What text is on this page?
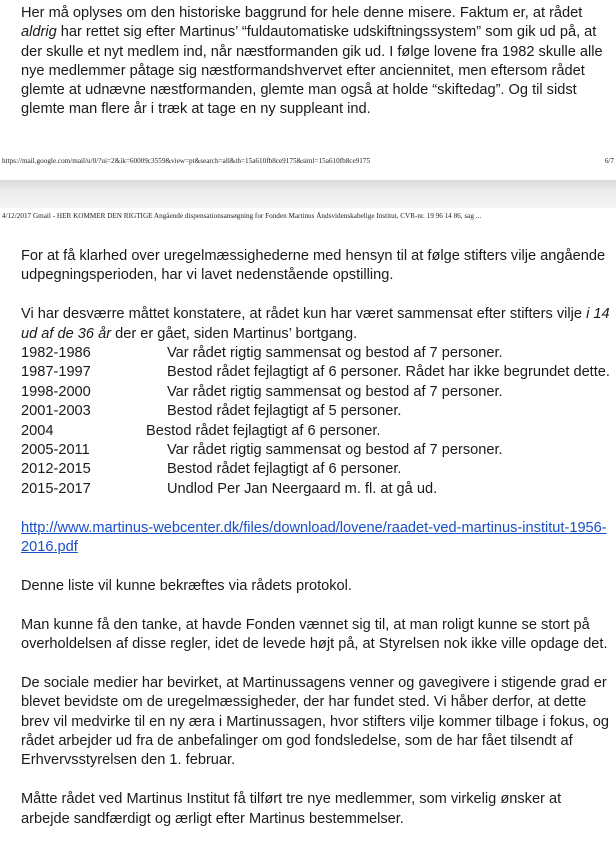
Her må oplyses om den historiske baggrund for hele denne misere. Faktum er, at rådet aldrig har rettet sig efter Martinus’ “fuldautomatiske udskiftningssystem” som gik ud på, at der skulle et nyt medlem ind, når næstformanden gik ud. I følge lovene fra 1982 skulle alle nye medlemmer påtage sig næstformandshvervet efter anciennitet, men eftersom rådet glemte at udnævne næstformanden, glemte man også at holde “skiftedag”. Og til sidst glemte man flere år i træk at tage en ny suppleant ind.

https://mail.google.com/mail/u/0/?ui=2&ik=60009c3559&view=pt&search=all&th=15a610fb8ce9175&siml=15a610fb8ce9175	6/7
4/12/2017 Gmail - HER KOMMER DEN RIGTIGE Angående dispensationsansøgning for Fonden Martinus Åndsvidenskabelige Institut, CVR-nr. 19 96 14 86, sag ...

For at få klarhed over uregelmæssighederne med hensyn til at følge stifters vilje angående udpegningsperioden, har vi lavet nedenstående opstilling.

Vi har desværre måttet konstatere, at rådet kun har været sammensat efter stifters vilje i 14 ud af de 36 år der er gået, siden Martinus’ bortgang.
1982-1986	Var rådet rigtig sammensat og bestod af 7 personer.
1987-1997	Bestod rådet fejlagtigt af 6 personer. Rådet har ikke begrundet dette.
1998-2000	Var rådet rigtig sammensat og bestod af 7 personer.
2001-2003	Bestod rådet fejlagtigt af 5 personer.
2004	Bestod rådet fejlagtigt af 6 personer.
2005-2011	Var rådet rigtig sammensat og bestod af 7 personer.
2012-2015	Bestod rådet fejlagtigt af 6 personer.
2015-2017	Undlod Per Jan Neergaard m. fl. at gå ud.

http://www.martinus-webcenter.dk/files/download/lovene/raadet-ved-martinus-institut-1956-2016.pdf

Denne liste vil kunne bekræftes via rådets protokol.

Man kunne få den tanke, at havde Fonden vænnet sig til, at man roligt kunne se stort på overholdelsen af disse regler, idet de levede højt på, at Styrelsen nok ikke ville opdage det.

De sociale medier har bevirket, at Martinussagens venner og gavegivere i stigende grad er blevet bevidste om de uregelmæssigheder, der har fundet sted. Vi håber derfor, at dette brev vil medvirke til en ny æra i Martinussagen, hvor stifters vilje kommer tilbage i fokus, og rådet arbejder ud fra de anbefalinger om god fondsledelse, som de har fået tilsendt af Erhvervsstyrelsen den 1. februar.

Måtte rådet ved Martinus Institut få tilført tre nye medlemmer, som virkelig ønsker at arbejde sandfærdigt og ærligt efter Martinus bestemmelser.
